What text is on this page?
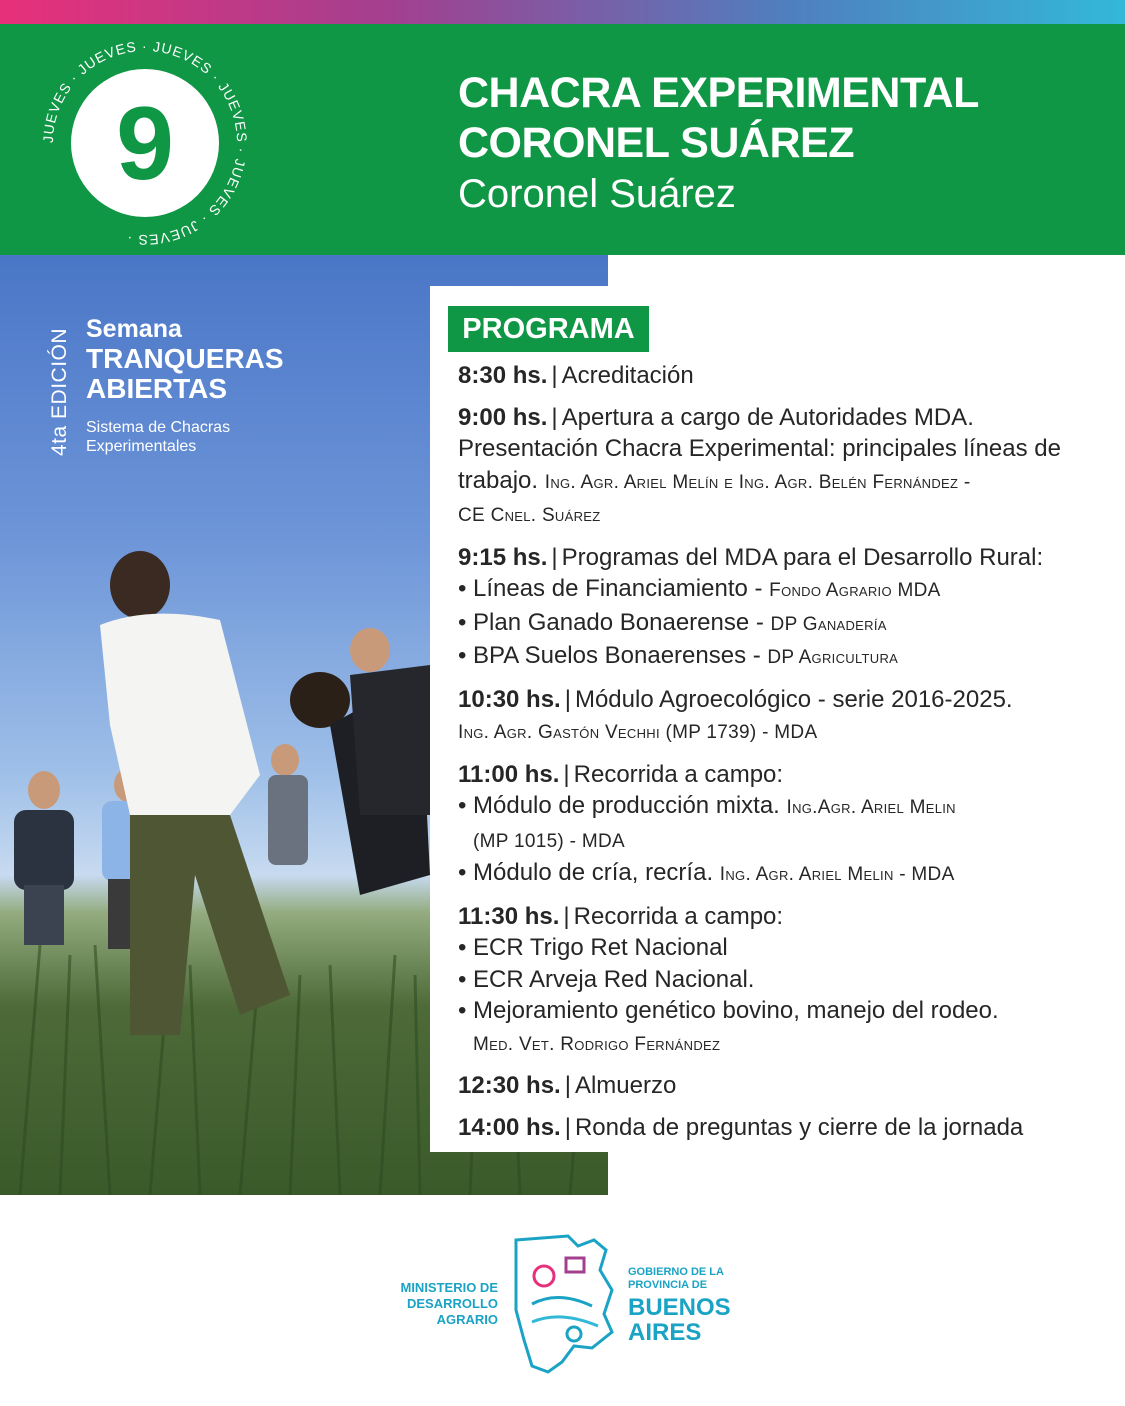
JUEVES · JUEVES · JUEVES · JUEVES · JUEVES · JUEVES ·
9	CHACRA EXPERIMENTAL
CORONEL SUÁREZ
Coronel Suárez
4ta EDICIÓN Semana
TRANQUERAS
ABIERTAS
Sistema de Chacras
Experimentales
PROGRAMA
8:30 hs. | Acreditación
9:00 hs. | Apertura a cargo de Autoridades MDA.
Presentación Chacra Experimental: principales líneas de
trabajo. Ing. Agr. Ariel Melín e Ing. Agr. Belén Fernández -
CE Cnel. Suárez
9:15 hs. | Programas del MDA para el Desarrollo Rural:
• Líneas de Financiamiento - Fondo Agrario MDA
• Plan Ganado Bonaerense - DP Ganadería
• BPA Suelos Bonaerenses - DP Agricultura
10:30 hs. | Módulo Agroecológico - serie 2016-2025.
Ing. Agr. Gastón Vechhi (MP 1739) - MDA
11:00 hs. | Recorrida a campo:
• Módulo de producción mixta. Ing.Agr. Ariel Melin
(MP 1015) - MDA
• Módulo de cría, recría. Ing. Agr. Ariel Melin - MDA
11:30 hs. | Recorrida a campo:
• ECR Trigo Ret Nacional
• ECR Arveja Red Nacional.
• Mejoramiento genético bovino, manejo del rodeo.
Med. Vet. Rodrigo Fernández
12:30 hs. | Almuerzo
14:00 hs. | Ronda de preguntas y cierre de la jornada
MINISTERIO DE
DESARROLLO
AGRARIO
GOBIERNO DE LA
PROVINCIA DE
BUENOS
AIRES
